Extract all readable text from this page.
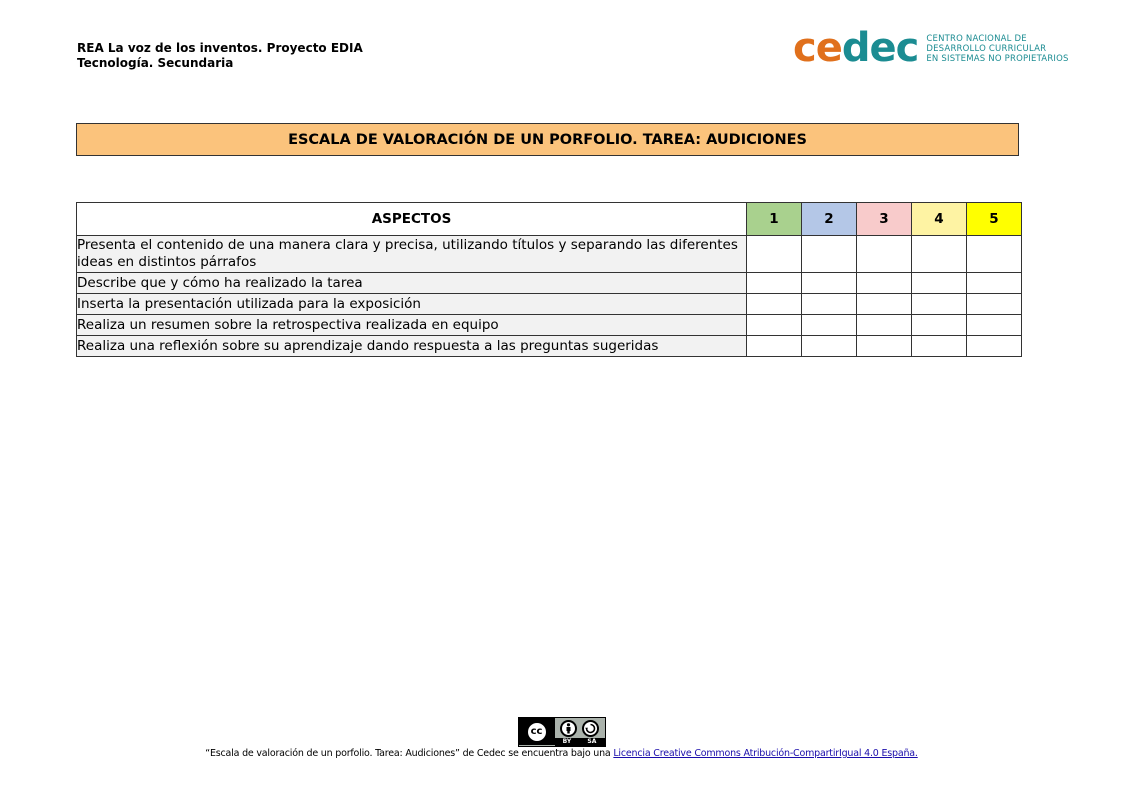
REA La voz de los inventos. Proyecto EDIA
Tecnología. Secundaria	cedec CENTRO NACIONAL DE
DESARROLLO CURRICULAR
EN SISTEMAS NO PROPIETARIOS
ESCALA DE VALORACIÓN DE UN PORFOLIO. TAREA: AUDICIONES
ASPECTOS	1	2	3	4	5
Presenta el contenido de una manera clara y precisa, utilizando títulos y separando las diferentes ideas en distintos párrafos					
Describe que y cómo ha realizado la tarea					
Inserta la presentación utilizada para la exposición					
Realiza un resumen sobre la retrospectiva realizada en equipo					
Realiza una reflexión sobre su aprendizaje dando respuesta a las preguntas sugeridas					
cc
BY	SA
“Escala de valoración de un porfolio. Tarea: Audiciones” de Cedec se encuentra bajo una Licencia Creative Commons Atribución-CompartirIgual 4.0 España.
